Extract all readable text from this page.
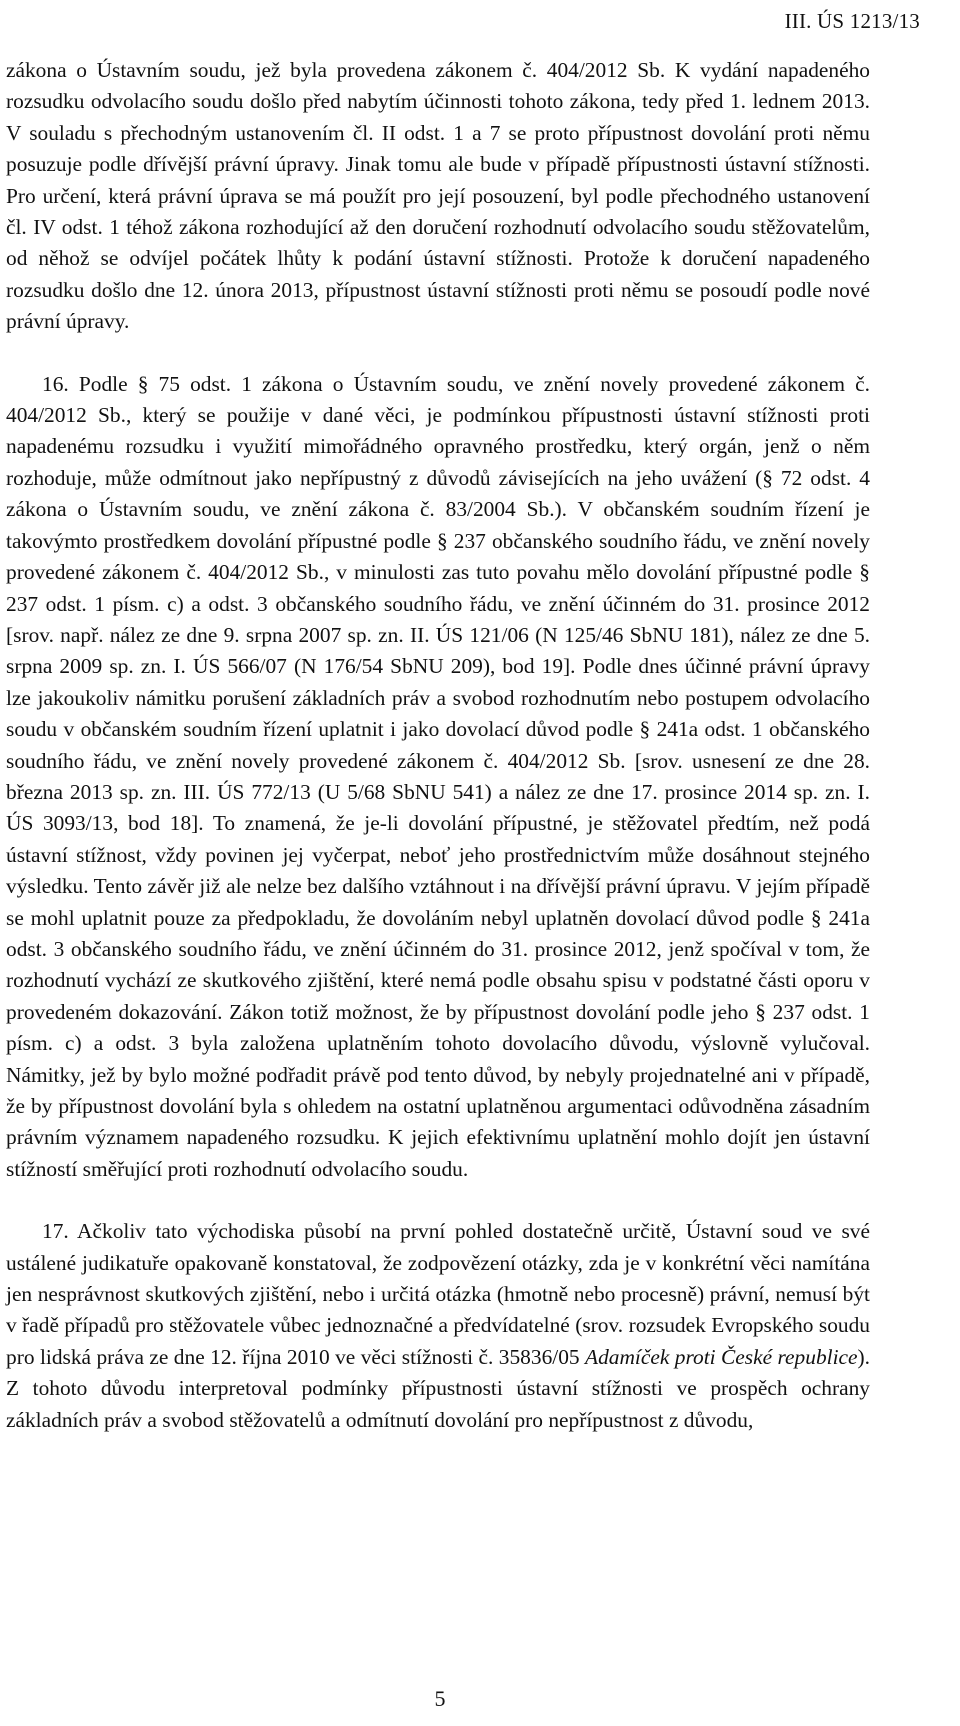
III. ÚS 1213/13

zákona o Ústavním soudu, jež byla provedena zákonem č. 404/2012 Sb. K vydání napadeného rozsudku odvolacího soudu došlo před nabytím účinnosti tohoto zákona, tedy před 1. lednem 2013. V souladu s přechodným ustanovením čl. II odst. 1 a 7 se proto přípustnost dovolání proti němu posuzuje podle dřívější právní úpravy. Jinak tomu ale bude v případě přípustnosti ústavní stížnosti. Pro určení, která právní úprava se má použít pro její posouzení, byl podle přechodného ustanovení čl. IV odst. 1 téhož zákona rozhodující až den doručení rozhodnutí odvolacího soudu stěžovatelům, od něhož se odvíjel počátek lhůty k podání ústavní stížnosti. Protože k doručení napadeného rozsudku došlo dne 12. února 2013, přípustnost ústavní stížnosti proti němu se posoudí podle nové právní úpravy.

16. Podle § 75 odst. 1 zákona o Ústavním soudu, ve znění novely provedené zákonem č. 404/2012 Sb., který se použije v dané věci, je podmínkou přípustnosti ústavní stížnosti proti napadenému rozsudku i využití mimořádného opravného prostředku, který orgán, jenž o něm rozhoduje, může odmítnout jako nepřípustný z důvodů závisejících na jeho uvážení (§ 72 odst. 4 zákona o Ústavním soudu, ve znění zákona č. 83/2004 Sb.). V občanském soudním řízení je takovýmto prostředkem dovolání přípustné podle § 237 občanského soudního řádu, ve znění novely provedené zákonem č. 404/2012 Sb., v minulosti zas tuto povahu mělo dovolání přípustné podle § 237 odst. 1 písm. c) a odst. 3 občanského soudního řádu, ve znění účinném do 31. prosince 2012 [srov. např. nález ze dne 9. srpna 2007 sp. zn. II. ÚS 121/06 (N 125/46 SbNU 181), nález ze dne 5. srpna 2009 sp. zn. I. ÚS 566/07 (N 176/54 SbNU 209), bod 19]. Podle dnes účinné právní úpravy lze jakoukoliv námitku porušení základních práv a svobod rozhodnutím nebo postupem odvolacího soudu v občanském soudním řízení uplatnit i jako dovolací důvod podle § 241a odst. 1 občanského soudního řádu, ve znění novely provedené zákonem č. 404/2012 Sb. [srov. usnesení ze dne 28. března 2013 sp. zn. III. ÚS 772/13 (U 5/68 SbNU 541) a nález ze dne 17. prosince 2014 sp. zn. I. ÚS 3093/13, bod 18]. To znamená, že je-li dovolání přípustné, je stěžovatel předtím, než podá ústavní stížnost, vždy povinen jej vyčerpat, neboť jeho prostřednictvím může dosáhnout stejného výsledku. Tento závěr již ale nelze bez dalšího vztáhnout i na dřívější právní úpravu. V jejím případě se mohl uplatnit pouze za předpokladu, že dovoláním nebyl uplatněn dovolací důvod podle § 241a odst. 3 občanského soudního řádu, ve znění účinném do 31. prosince 2012, jenž spočíval v tom, že rozhodnutí vychází ze skutkového zjištění, které nemá podle obsahu spisu v podstatné části oporu v provedeném dokazování. Zákon totiž možnost, že by přípustnost dovolání podle jeho § 237 odst. 1 písm. c) a odst. 3 byla založena uplatněním tohoto dovolacího důvodu, výslovně vylučoval. Námitky, jež by bylo možné podřadit právě pod tento důvod, by nebyly projednatelné ani v případě, že by přípustnost dovolání byla s ohledem na ostatní uplatněnou argumentaci odůvodněna zásadním právním významem napadeného rozsudku. K jejich efektivnímu uplatnění mohlo dojít jen ústavní stížností směřující proti rozhodnutí odvolacího soudu.

17. Ačkoliv tato východiska působí na první pohled dostatečně určitě, Ústavní soud ve své ustálené judikatuře opakovaně konstatoval, že zodpovězení otázky, zda je v konkrétní věci namítána jen nesprávnost skutkových zjištění, nebo i určitá otázka (hmotně nebo procesně) právní, nemusí být v řadě případů pro stěžovatele vůbec jednoznačné a předvídatelné (srov. rozsudek Evropského soudu pro lidská práva ze dne 12. října 2010 ve věci stížnosti č. 35836/05 Adamíček proti České republice). Z tohoto důvodu interpretoval podmínky přípustnosti ústavní stížnosti ve prospěch ochrany základních práv a svobod stěžovatelů a odmítnutí dovolání pro nepřípustnost z důvodu,

5
